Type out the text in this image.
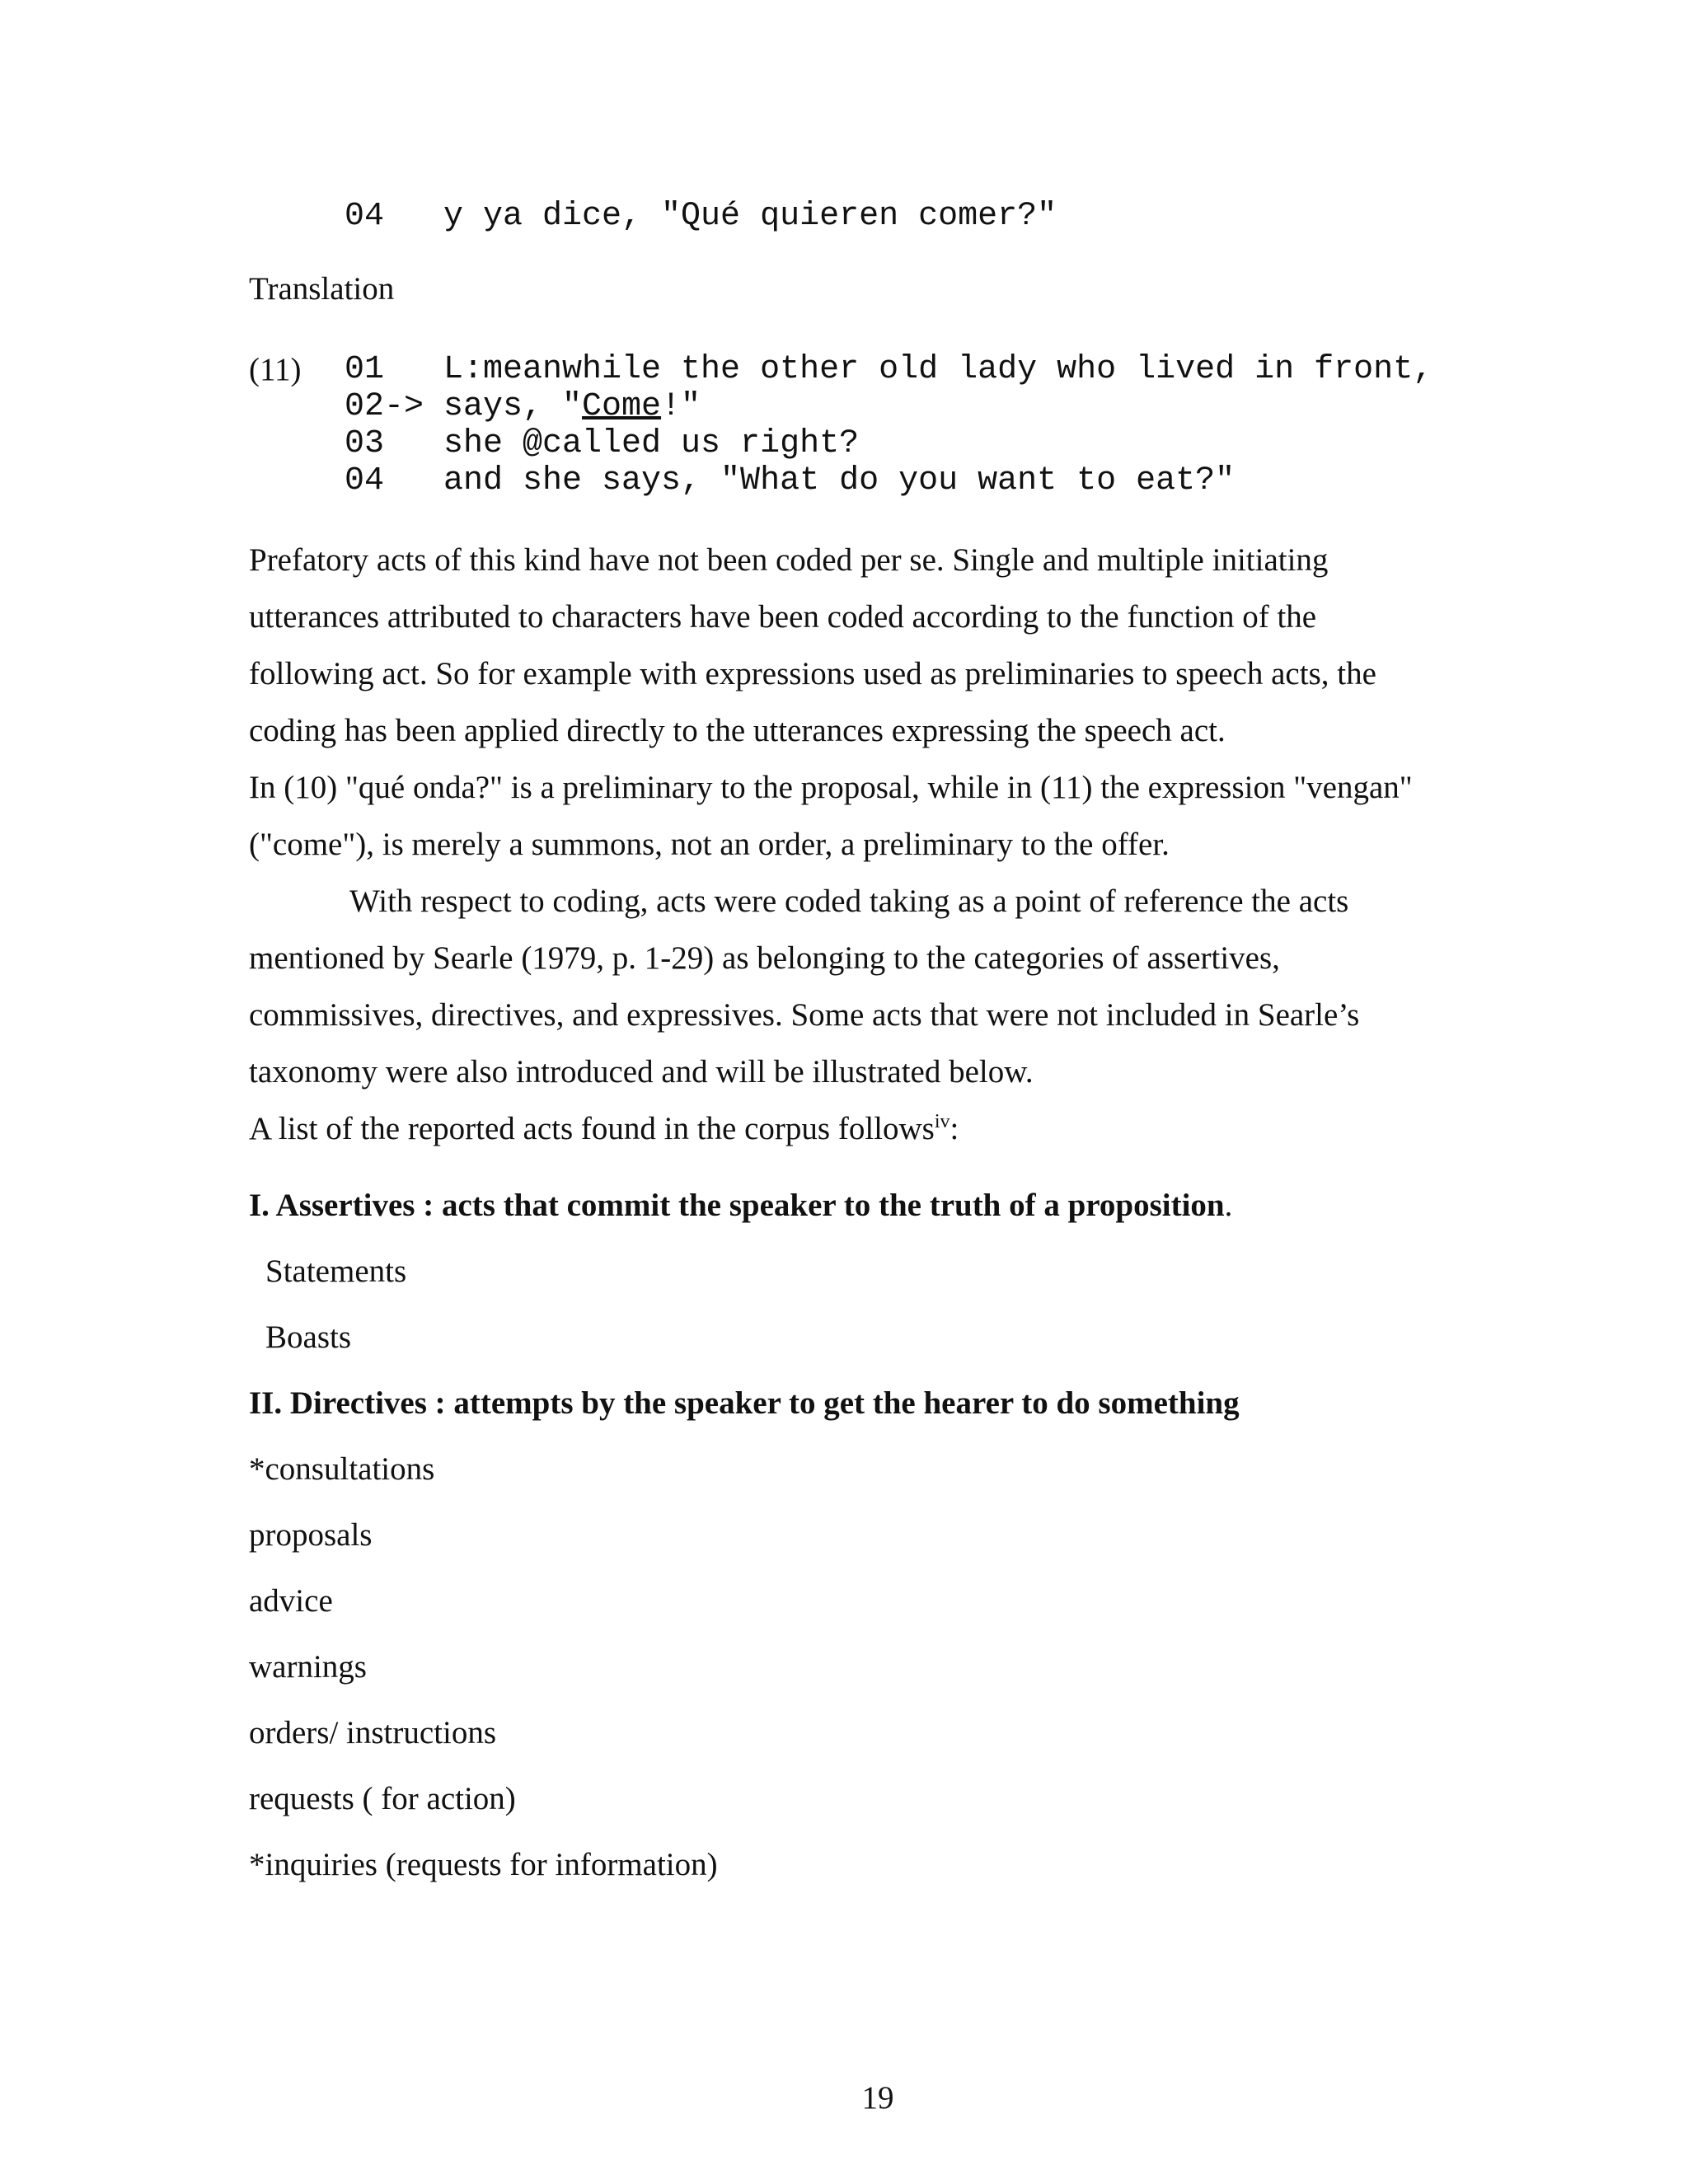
04 y ya dice, "Qué quieren comer?"
Translation
(11) 01 L:meanwhile the other old lady who lived in front,
02-> says, "Come!"
03 she @called us right?
04 and she says, "What do you want to eat?"
Prefatory acts of this kind have not been coded per se. Single and multiple initiating utterances attributed to characters have been coded according to the function of the following act. So for example with expressions used as preliminaries to speech acts, the coding has been applied directly to the utterances expressing the speech act.
In (10) "qué onda?" is a preliminary to the proposal, while in (11) the expression "vengan" ("come"), is merely a summons, not an order, a preliminary to the offer.
With respect to coding, acts were coded taking as a point of reference the acts mentioned by Searle (1979, p. 1-29) as belonging to the categories of assertives, commissives, directives, and expressives. Some acts that were not included in Searle’s taxonomy were also introduced and will be illustrated below.
A list of the reported acts found in the corpus follows$^{iv}$:
I. Assertives : acts that commit the speaker to the truth of a proposition.
Statements
Boasts
II. Directives : attempts by the speaker to get the hearer to do something
*consultations
proposals
advice
warnings
orders/ instructions
requests ( for action)
*inquiries (requests for information)
19
